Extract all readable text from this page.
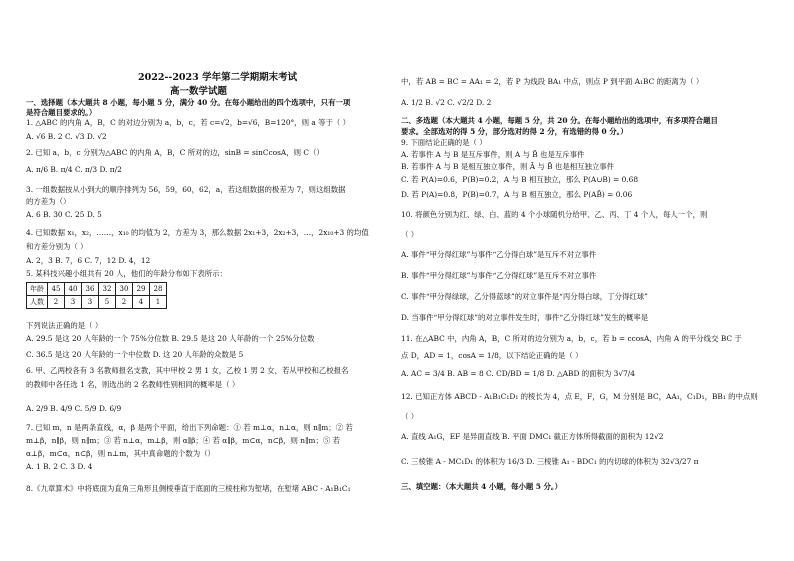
2022--2023 学年第二学期期末考试
高一数学试题
一、选择题（本大题共 8 小题，每小题 5 分，满分 40 分。在每小题给出的四个选项中，只有一项
是符合题目要求的。）
1. △ABC 的内角 A，B，C 的对边分别为 a，b，c，若 c=√2，b=√6，B=120°，则 a 等于（ ）
A. √6 B. 2 C. √3 D. √2
2. 已知 a，b，c 分别为△ABC 的内角 A，B，C 所对的边，sinB = sinCcosA，则 C（）
A. π/6 B. π/4 C. π/3 D. π/2
3. 一组数据按从小到大的顺序排列为 56，59，60，62，a，若这组数据的极差为 7，则这组数据
的方差为（）
A. 6 B. 30 C. 25 D. 5
4. 已知数据 x₁，x₂，……，x₁₀ 的均值为 2，方差为 3，那么数据 2x₁+3，2x₂+3，…，2x₁₀+3 的均值
和方差分别为（ ）
A. 2，3 B. 7，6 C. 7，12 D. 4，12
5. 某科技兴趣小组共有 20 人，他们的年龄分布如下表所示：
年龄	45	40	36	32	30	29	28
人数	2	3	3	5	2	4	1
下列说法正确的是（ ）
A. 29.5 是这 20 人年龄的一个 75%分位数 B. 29.5 是这 20 人年龄的一个 25%分位数
C. 36.5 是这 20 人年龄的一个中位数 D. 这 20 人年龄的众数是 5
6. 甲、乙两校各有 3 名教师报名支教，其中甲校 2 男 1 女，乙校 1 男 2 女，若从甲校和乙校报名
的教师中各任选 1 名，则选出的 2 名教师性别相同的概率是（ ）
A. 2/9 B. 4/9 C. 5/9 D. 6/9
7. 已知 m，n 是两条直线，α，β 是两个平面，给出下列命题：① 若 m⊥α，n⊥α，则 n∥m；② 若
m⊥β，n∥β，则 n∥m；③ 若 n⊥α，m⊥β，则 α∥β；④ 若 α∥β，m⊂α，n⊂β，则 n∥m；⑤ 若
α⊥β，m⊂α，n⊂β，则 n⊥m，其中真命题的个数为（）
A. 1 B. 2 C. 3 D. 4
8.《九章算术》中将底面为直角三角形且侧棱垂直于底面的三棱柱称为堑堵，在堑堵 ABC - A₁B₁C₁
中，若 AB = BC = AA₁ = 2，若 P 为线段 BA₁ 中点，则点 P 到平面 A₁BC 的距离为（ ）
A. 1/2 B. √2 C. √2/2 D. 2
二、多选题（本大题共 4 小题，每题 5 分，共 20 分。在每小题给出的选项中，有多项符合题目
要求。全部选对的得 5 分，部分选对的得 2 分，有选错的得 0 分。）
9. 下面结论正确的是（ ）
A. 若事件 A 与 B 是互斥事件，则 A 与 B̄ 也是互斥事件
B. 若事件 A 与 B 是相互独立事件，则 Ā 与 B̄ 也是相互独立事件
C. 若 P(A)=0.6，P(B)=0.2，A 与 B 相互独立，那么 P(A∪B) = 0.68
D. 若 P(A)=0.8，P(B)=0.7，A 与 B 相互独立，那么 P(AB̄) = 0.06
10. 将颜色分别为红、绿、白、蓝的 4 个小球随机分给甲、乙、丙、丁 4 个人，每人一个，则
（ ）
A. 事件“甲分得红球”与事件“乙分得白球”是互斥不对立事件
B. 事件“甲分得红球”与事件“乙分得红球”是互斥不对立事件
C. 事件“甲分得绿球，乙分得蓝球”的对立事件是“丙分得白球，丁分得红球”
D. 当事件“甲分得红球”的对立事件发生时，事件“乙分得红球”发生的概率是
11. 在△ABC 中，内角 A，B，C 所对的边分别为 a，b，c，若 b = ccosA，内角 A 的平分线交 BC 于
点 D，AD = 1，cosA = 1/8，以下结论正确的是（ ）
A. AC = 3/4 B. AB = 8 C. CD/BD = 1/8 D. △ABD 的面积为 3√7/4
12. 已知正方体 ABCD - A₁B₁C₁D₁ 的棱长为 4，点 E，F，G，M 分别是 BC，AA₁，C₁D₁，BB₁ 的中点则
（ ）
A. 直线 A₁G，EF 是异面直线 B. 平面 DMC₁ 截正方体所得截面的面积为 12√2
C. 三棱锥 A - MC₁D₁ 的体积为 16/3 D. 三棱锥 A₁ - BDC₁ 的内切球的体积为 32√3/27 π
三、填空题：（本大题共 4 小题，每小题 5 分。）
